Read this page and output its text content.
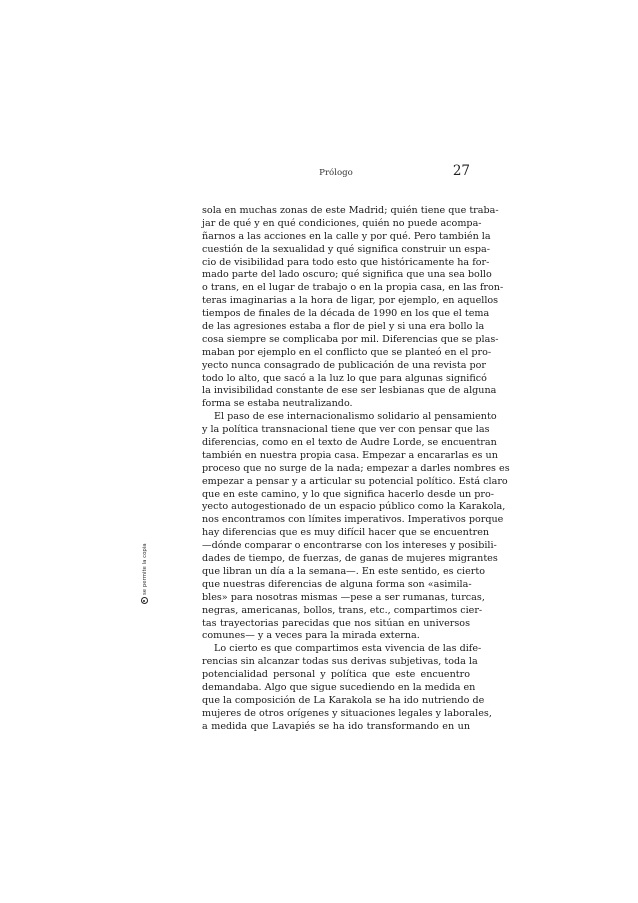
Prólogo	27
se permite la copia
sola en muchas zonas de este Madrid; quién tiene que traba-
jar de qué y en qué condiciones, quién no puede acompa-
ñarnos a las acciones en la calle y por qué. Pero también la
cuestión de la sexualidad y qué significa construir un espa-
cio de visibilidad para todo esto que históricamente ha for-
mado parte del lado oscuro; qué significa que una sea bollo
o trans, en el lugar de trabajo o en la propia casa, en las fron-
teras imaginarias a la hora de ligar, por ejemplo, en aquellos
tiempos de finales de la década de 1990 en los que el tema
de las agresiones estaba a flor de piel y si una era bollo la
cosa siempre se complicaba por mil. Diferencias que se plas-
maban por ejemplo en el conflicto que se planteó en el pro-
yecto nunca consagrado de publicación de una revista por
todo lo alto, que sacó a la luz lo que para algunas significó
la invisibilidad constante de ese ser lesbianas que de alguna
forma se estaba neutralizando.
El paso de ese internacionalismo solidario al pensamiento
y la política transnacional tiene que ver con pensar que las
diferencias, como en el texto de Audre Lorde, se encuentran
también en nuestra propia casa. Empezar a encararlas es un
proceso que no surge de la nada; empezar a darles nombres es
empezar a pensar y a articular su potencial político. Está claro
que en este camino, y lo que significa hacerlo desde un pro-
yecto autogestionado de un espacio público como la Karakola,
nos encontramos con límites imperativos. Imperativos porque
hay diferencias que es muy difícil hacer que se encuentren
—dónde comparar o encontrarse con los intereses y posibili-
dades de tiempo, de fuerzas, de ganas de mujeres migrantes
que libran un día a la semana—. En este sentido, es cierto
que nuestras diferencias de alguna forma son «asimila-
bles» para nosotras mismas —pese a ser rumanas, turcas,
negras, americanas, bollos, trans, etc., compartimos cier-
tas trayectorias parecidas que nos sitúan en universos
comunes— y a veces para la mirada externa.
Lo cierto es que compartimos esta vivencia de las dife-
rencias sin alcanzar todas sus derivas subjetivas, toda la
potencialidad personal y política que este encuentro
demandaba. Algo que sigue sucediendo en la medida en
que la composición de La Karakola se ha ido nutriendo de
mujeres de otros orígenes y situaciones legales y laborales,
a medida que Lavapiés se ha ido transformando en un
